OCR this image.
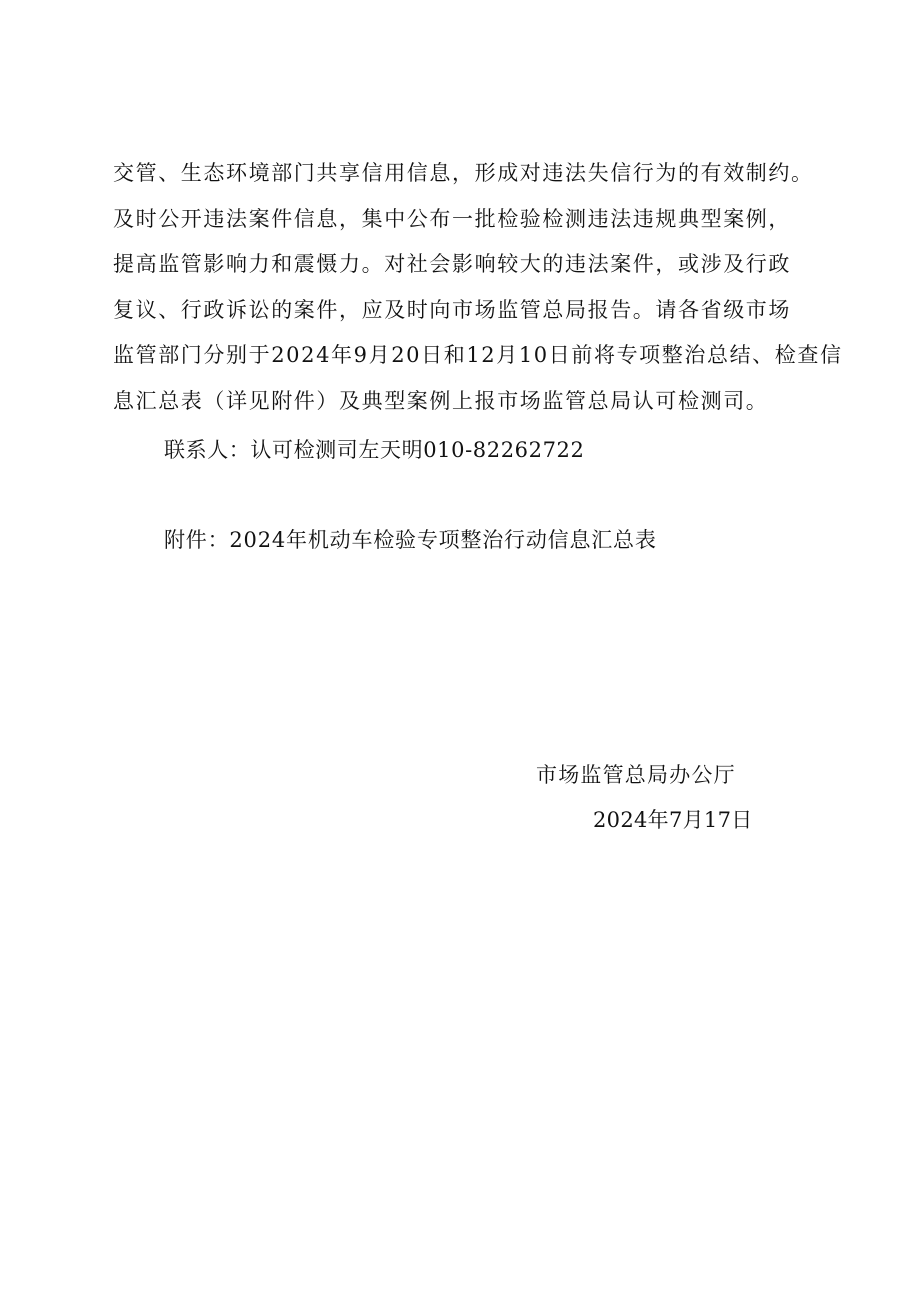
交管、生态环境部门共享信用信息，形成对违法失信行为的有效制约。
及时公开违法案件信息，集中公布一批检验检测违法违规典型案例，
提高监管影响力和震慑力。对社会影响较大的违法案件，或涉及行政
复议、行政诉讼的案件，应及时向市场监管总局报告。请各省级市场
监管部门分别于2024年9月20日和12月10日前将专项整治总结、检查信
息汇总表（详见附件）及典型案例上报市场监管总局认可检测司。
联系人：认可检测司左天明010-82262722
附件：2024年机动车检验专项整治行动信息汇总表
市场监管总局办公厅
2024年7月17日
